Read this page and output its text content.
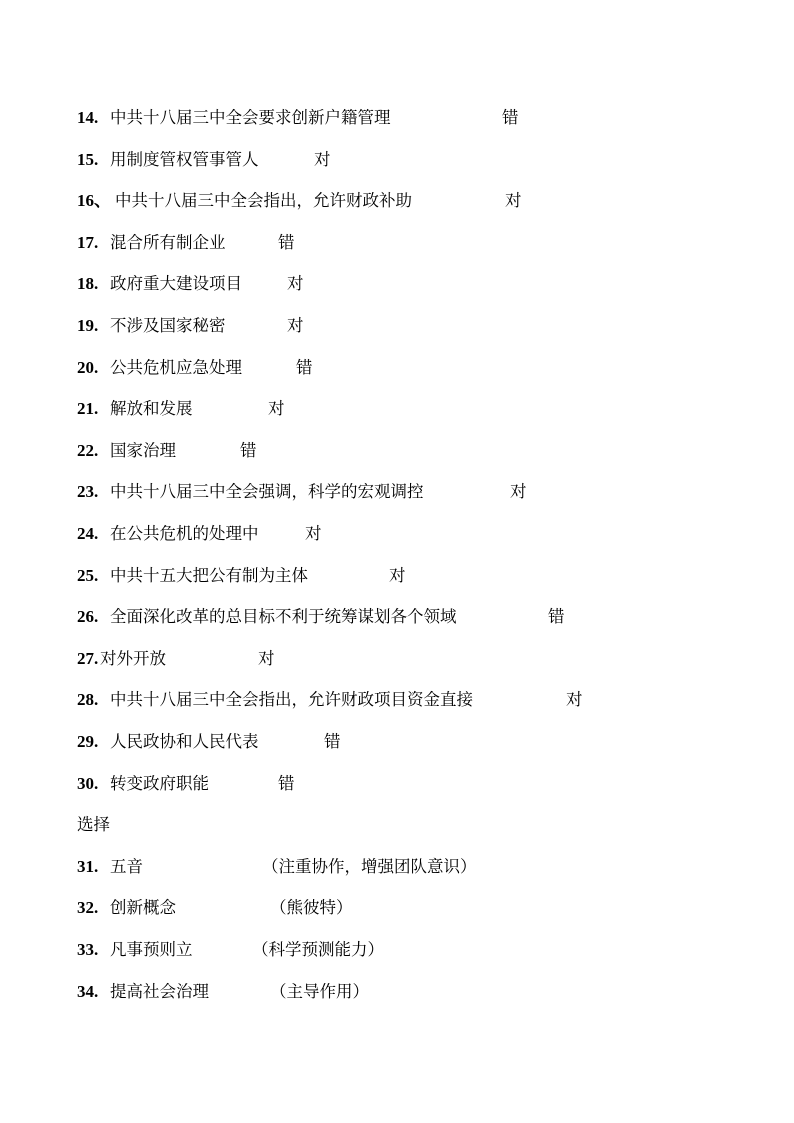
14. 中共十八届三中全会要求创新户籍管理	错
15. 用制度管权管事管人	对
16、 中共十八届三中全会指出，允许财政补助	对
17. 混合所有制企业	错
18. 政府重大建设项目	对
19. 不涉及国家秘密	对
20. 公共危机应急处理	错
21. 解放和发展	对
22. 国家治理	错
23. 中共十八届三中全会强调，科学的宏观调控	对
24. 在公共危机的处理中	对
25. 中共十五大把公有制为主体	对
26. 全面深化改革的总目标不利于统筹谋划各个领域	错
27. 对外开放	对
28. 中共十八届三中全会指出，允许财政项目资金直接	对
29. 人民政协和人民代表	错
30. 转变政府职能	错
选择
31. 五音	（注重协作，增强团队意识）
32. 创新概念	（熊彼特）
33. 凡事预则立	（科学预测能力）
34. 提高社会治理	（主导作用）
